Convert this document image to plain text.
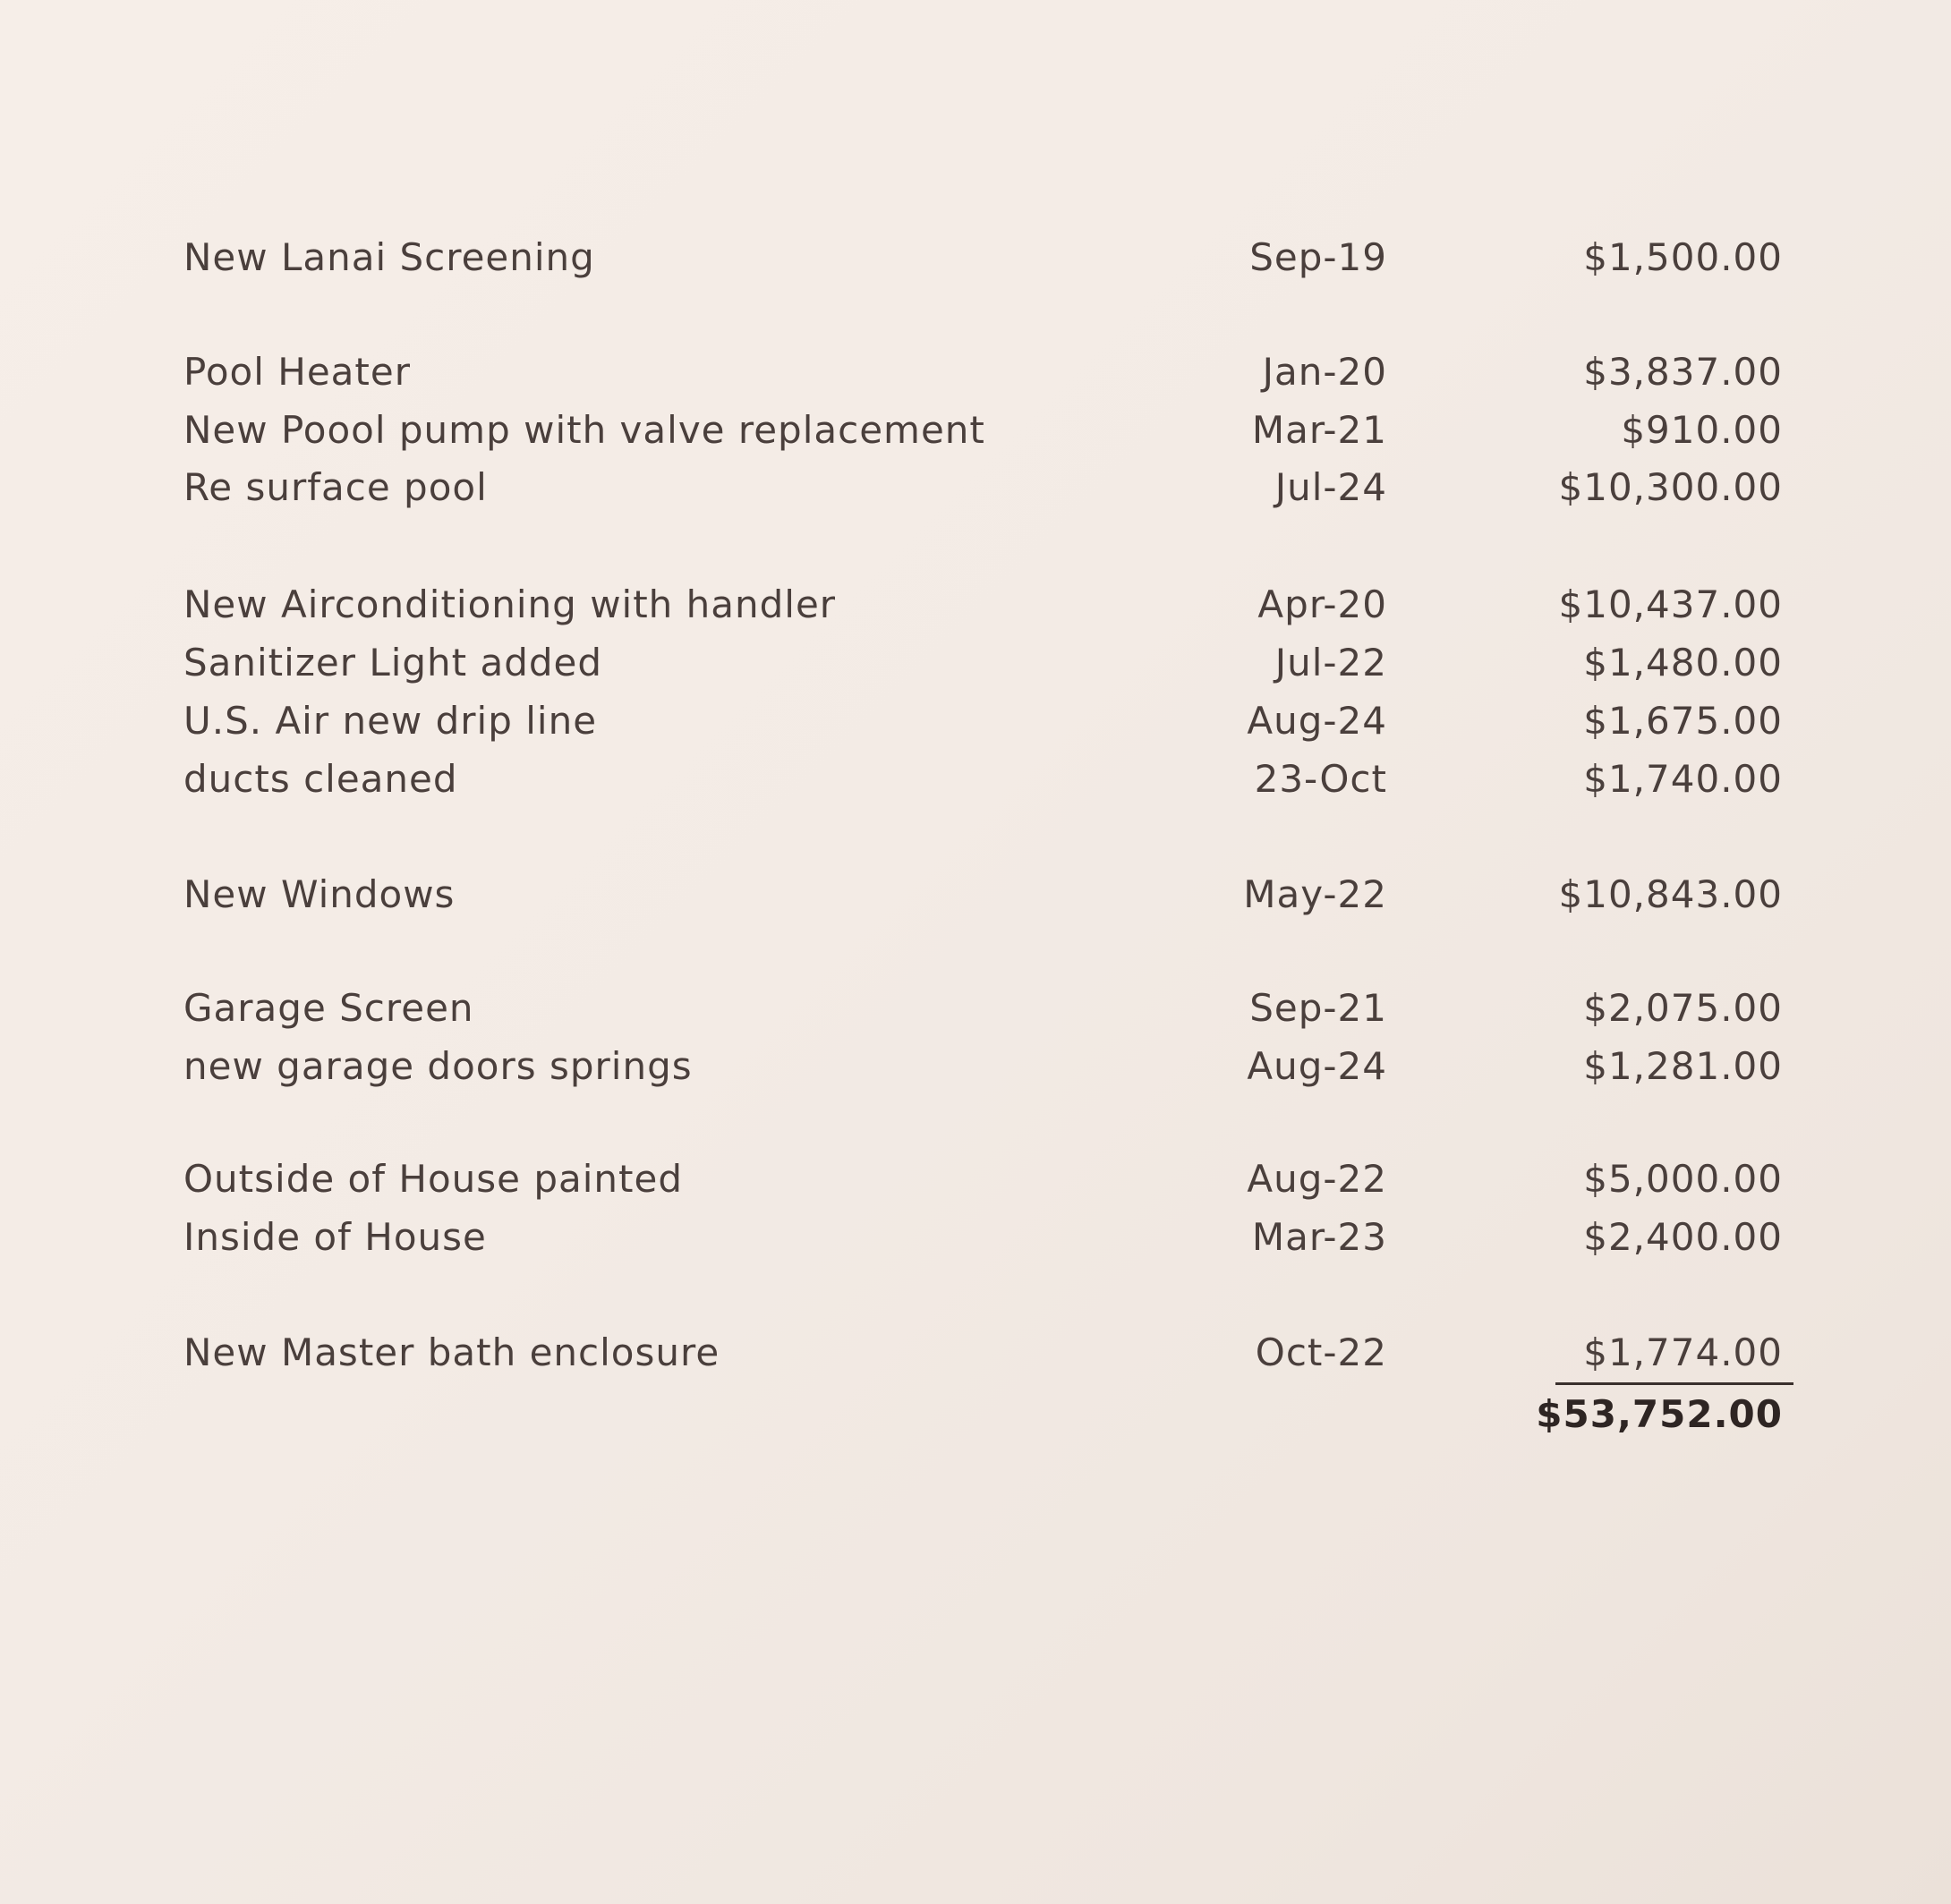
New Lanai Screening	Sep-19	$1,500.00
Pool Heater	Jan-20	$3,837.00
New Poool pump with valve replacement	Mar-21	$910.00
Re surface pool	Jul-24	$10,300.00
New Airconditioning with handler	Apr-20	$10,437.00
Sanitizer Light added	Jul-22	$1,480.00
U.S. Air new drip line	Aug-24	$1,675.00
ducts cleaned	23-Oct	$1,740.00
New Windows	May-22	$10,843.00
Garage Screen	Sep-21	$2,075.00
new garage doors springs	Aug-24	$1,281.00
Outside of House painted	Aug-22	$5,000.00
Inside of House	Mar-23	$2,400.00
New Master bath enclosure	Oct-22	$1,774.00
$53,752.00
